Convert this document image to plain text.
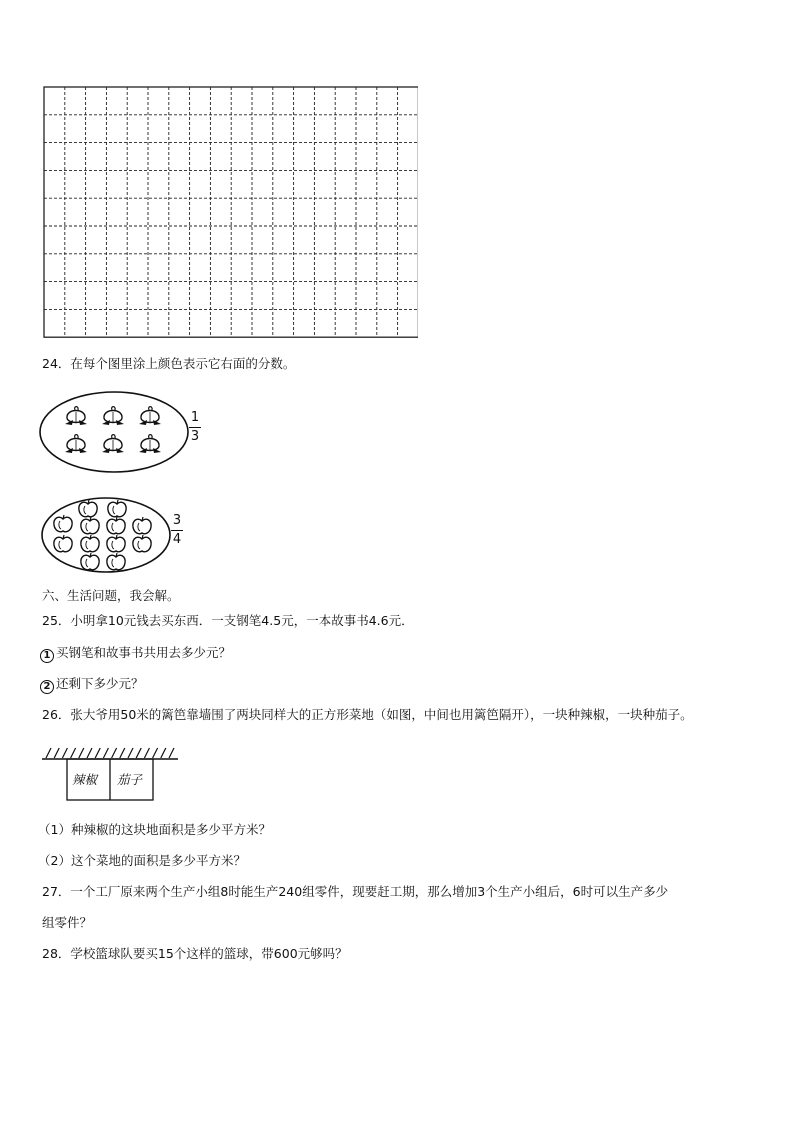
24．在每个图里涂上颜色表示它右面的分数。
1
3
3
4
六、生活问题，我会解。
25．小明拿10元钱去买东西．一支钢笔4.5元，一本故事书4.6元．
1 买钢笔和故事书共用去多少元？
2 还剩下多少元？
26．张大爷用50米的篱笆靠墙围了两块同样大的正方形菜地（如图，中间也用篱笆隔开），一块种辣椒，一块种茄子。
辣椒 茄子
（1）种辣椒的这块地面积是多少平方米？
（2）这个菜地的面积是多少平方米？
27．一个工厂原来两个生产小组8时能生产240组零件，现要赶工期，那么增加3个生产小组后，6时可以生产多少
组零件？
28．学校篮球队要买15个这样的篮球，带600元够吗？
